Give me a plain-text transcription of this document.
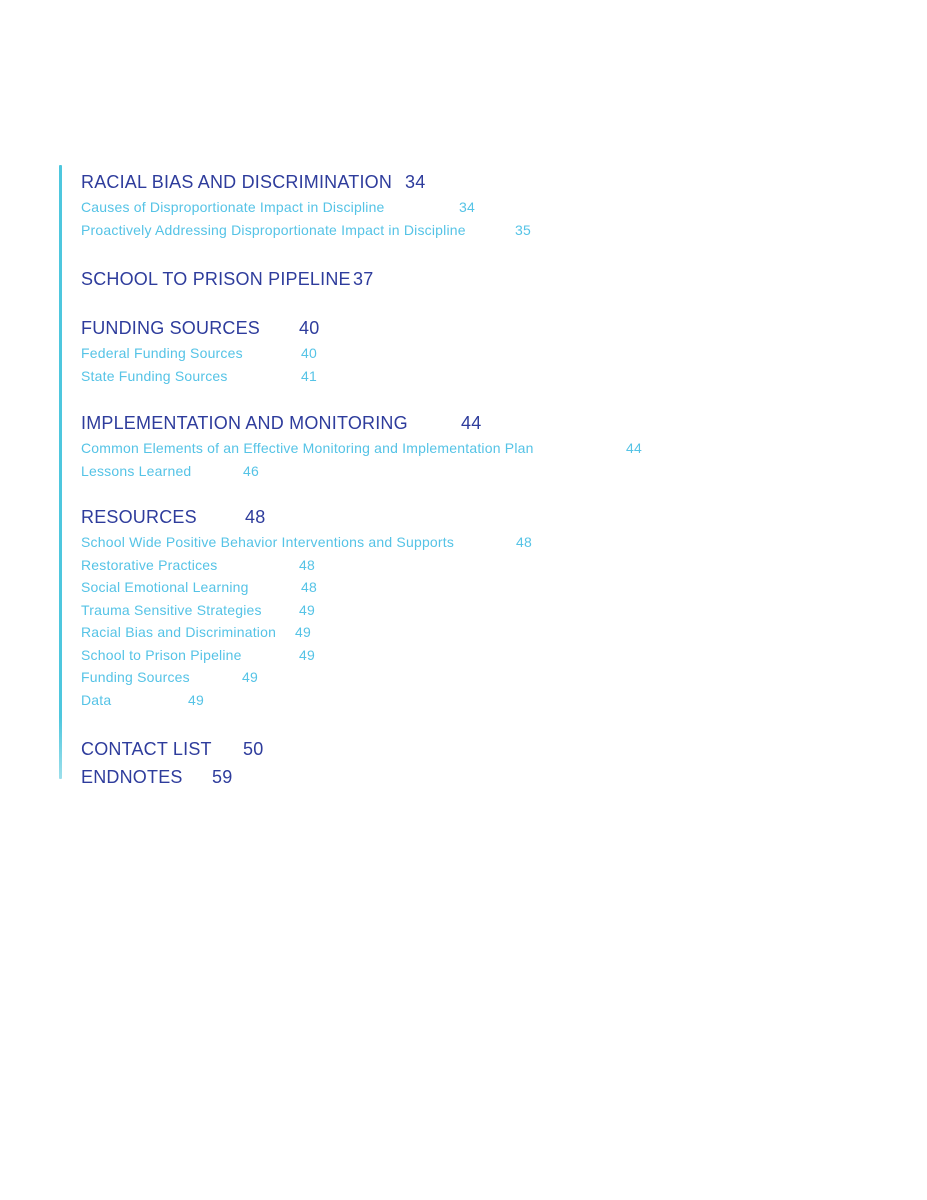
RACIAL BIAS AND DISCRIMINATION 34
Causes of Disproportionate Impact in Discipline	34
Proactively Addressing Disproportionate Impact in Discipline	35
SCHOOL TO PRISON PIPELINE 37
FUNDING SOURCES 40
Federal Funding Sources	40
State Funding Sources	41
IMPLEMENTATION AND MONITORING	44
Common Elements of an Effective Monitoring and Implementation Plan	44
Lessons Learned	46
RESOURCES	48
School Wide Positive Behavior Interventions and Supports	48
Restorative Practices	48
Social Emotional Learning	48
Trauma Sensitive Strategies	49
Racial Bias and Discrimination 49
School to Prison Pipeline	49
Funding Sources	49
Data	49
CONTACT LIST 50
ENDNOTES 59
